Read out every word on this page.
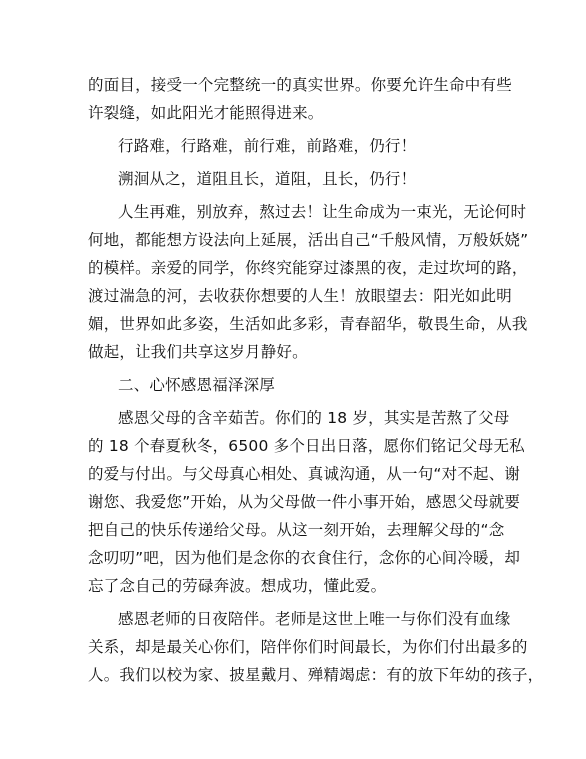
的面目，接受一个完整统一的真实世界。你要允许生命中有些
许裂缝，如此阳光才能照得进来。
行路难，行路难，前行难，前路难，仍行！
溯洄从之，道阻且长，道阻，且长，仍行！
人生再难，别放弃，熬过去！让生命成为一束光，无论何时
何地，都能想方设法向上延展，活出自己“千般风情，万般妖娆”
的模样。亲爱的同学，你终究能穿过漆黑的夜，走过坎坷的路，
渡过湍急的河，去收获你想要的人生！放眼望去：阳光如此明
媚，世界如此多姿，生活如此多彩，青春韶华，敬畏生命，从我
做起，让我们共享这岁月静好。
二、心怀感恩福泽深厚
感恩父母的含辛茹苦。你们的 18 岁，其实是苦熬了父母
的 18 个春夏秋冬，6500 多个日出日落，愿你们铭记父母无私
的爱与付出。与父母真心相处、真诚沟通，从一句“对不起、谢
谢您、我爱您”开始，从为父母做一件小事开始，感恩父母就要
把自己的快乐传递给父母。从这一刻开始，去理解父母的“念
念叨叨”吧，因为他们是念你的衣食住行，念你的心间冷暖，却
忘了念自己的劳碌奔波。想成功，懂此爱。
感恩老师的日夜陪伴。老师是这世上唯一与你们没有血缘
关系，却是最关心你们，陪伴你们时间最长，为你们付出最多的
人。我们以校为家、披星戴月、殚精竭虑：有的放下年幼的孩子，
